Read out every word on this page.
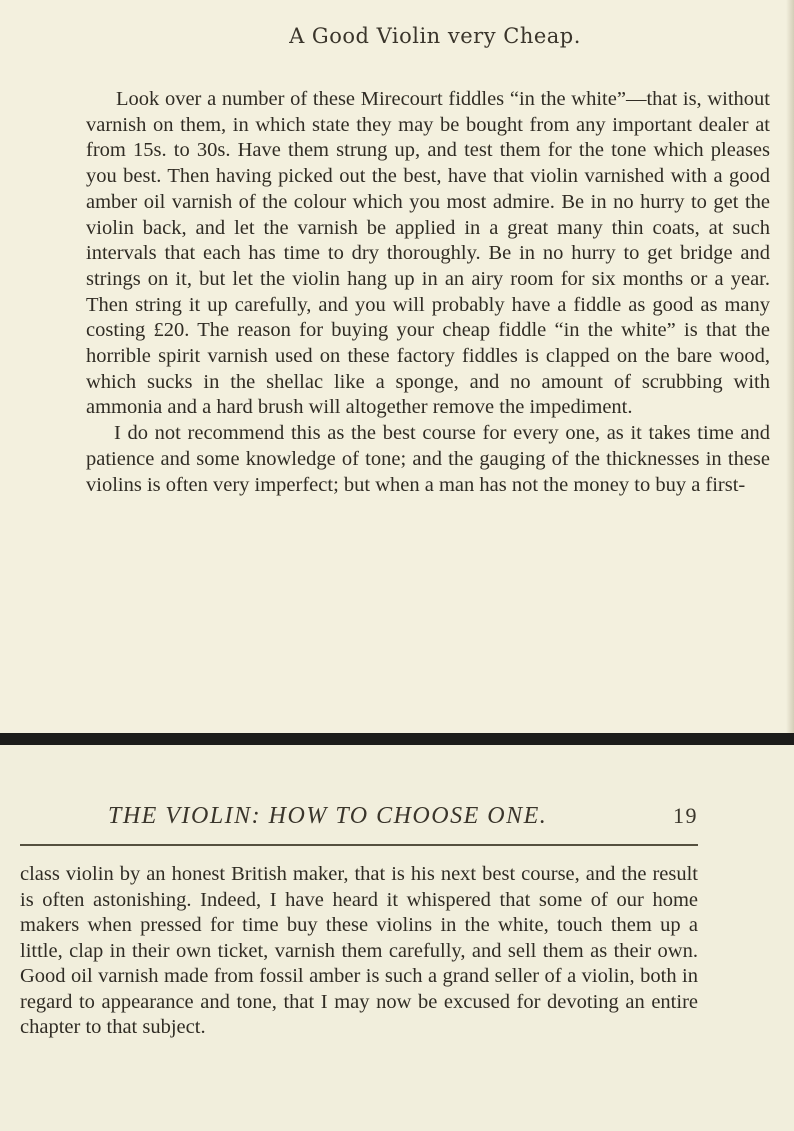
A Good Violin very Cheap.

Look over a number of these Mirecourt fiddles “in the white”—that is, without varnish on them, in which state they may be bought from any important dealer at from 15s. to 30s. Have them strung up, and test them for the tone which pleases you best. Then having picked out the best, have that violin varnished with a good amber oil varnish of the colour which you most admire. Be in no hurry to get the violin back, and let the varnish be applied in a great many thin coats, at such intervals that each has time to dry thoroughly. Be in no hurry to get bridge and strings on it, but let the violin hang up in an airy room for six months or a year. Then string it up carefully, and you will probably have a fiddle as good as many costing £20. The reason for buying your cheap fiddle “in the white” is that the horrible spirit varnish used on these factory fiddles is clapped on the bare wood, which sucks in the shellac like a sponge, and no amount of scrubbing with ammonia and a hard brush will altogether remove the impediment.

I do not recommend this as the best course for every one, as it takes time and patience and some knowledge of tone; and the gauging of the thicknesses in these violins is often very imperfect; but when a man has not the money to buy a first-

THE VIOLIN: HOW TO CHOOSE ONE.	19

class violin by an honest British maker, that is his next best course, and the result is often astonishing. Indeed, I have heard it whispered that some of our home makers when pressed for time buy these violins in the white, touch them up a little, clap in their own ticket, varnish them carefully, and sell them as their own. Good oil varnish made from fossil amber is such a grand seller of a violin, both in regard to appearance and tone, that I may now be excused for devoting an entire chapter to that subject.
